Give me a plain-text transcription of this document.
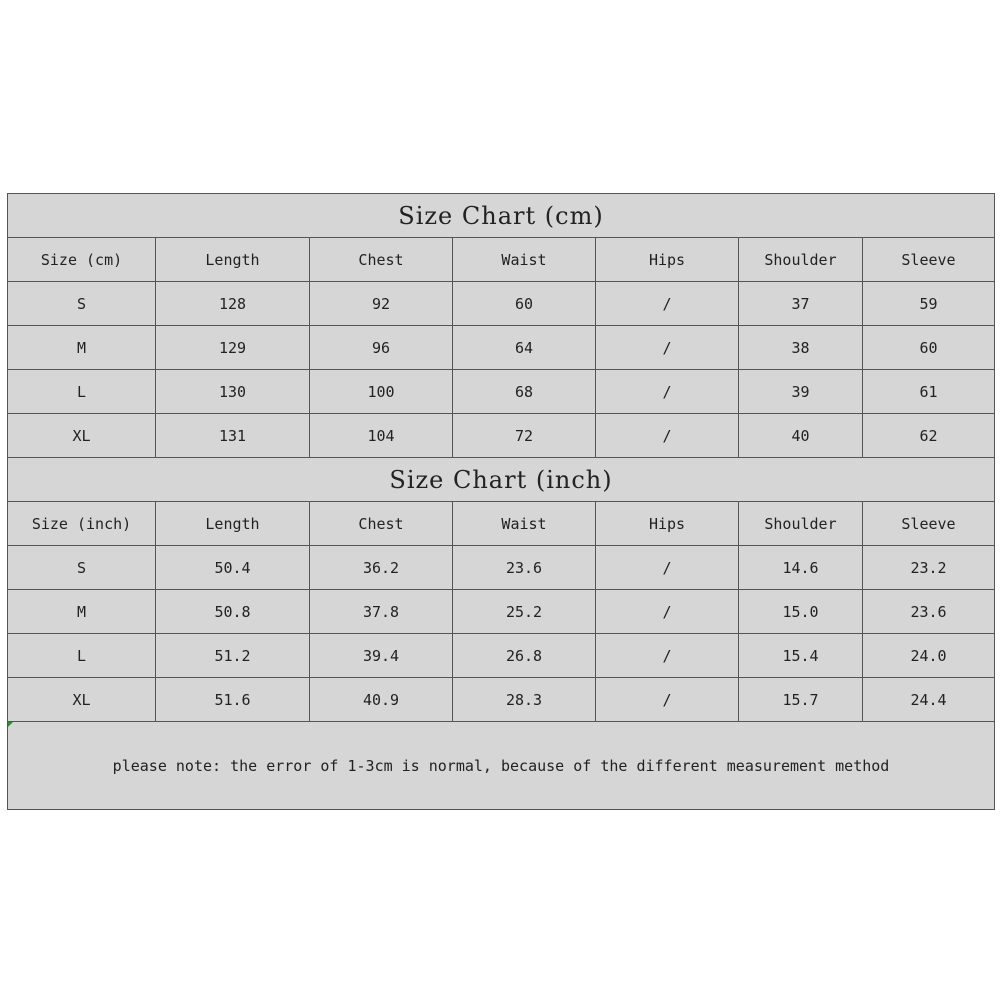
Size Chart (cm)						
Size (cm)	Length	Chest	Waist	Hips	Shoulder	Sleeve
S	128	92	60	/	37	59
M	129	96	64	/	38	60
L	130	100	68	/	39	61
XL	131	104	72	/	40	62
Size Chart (inch)						
Size (inch)	Length	Chest	Waist	Hips	Shoulder	Sleeve
S	50.4	36.2	23.6	/	14.6	23.2
M	50.8	37.8	25.2	/	15.0	23.6
L	51.2	39.4	26.8	/	15.4	24.0
XL	51.6	40.9	28.3	/	15.7	24.4

please note: the error of 1-3cm is normal, because of the different measurement method						
